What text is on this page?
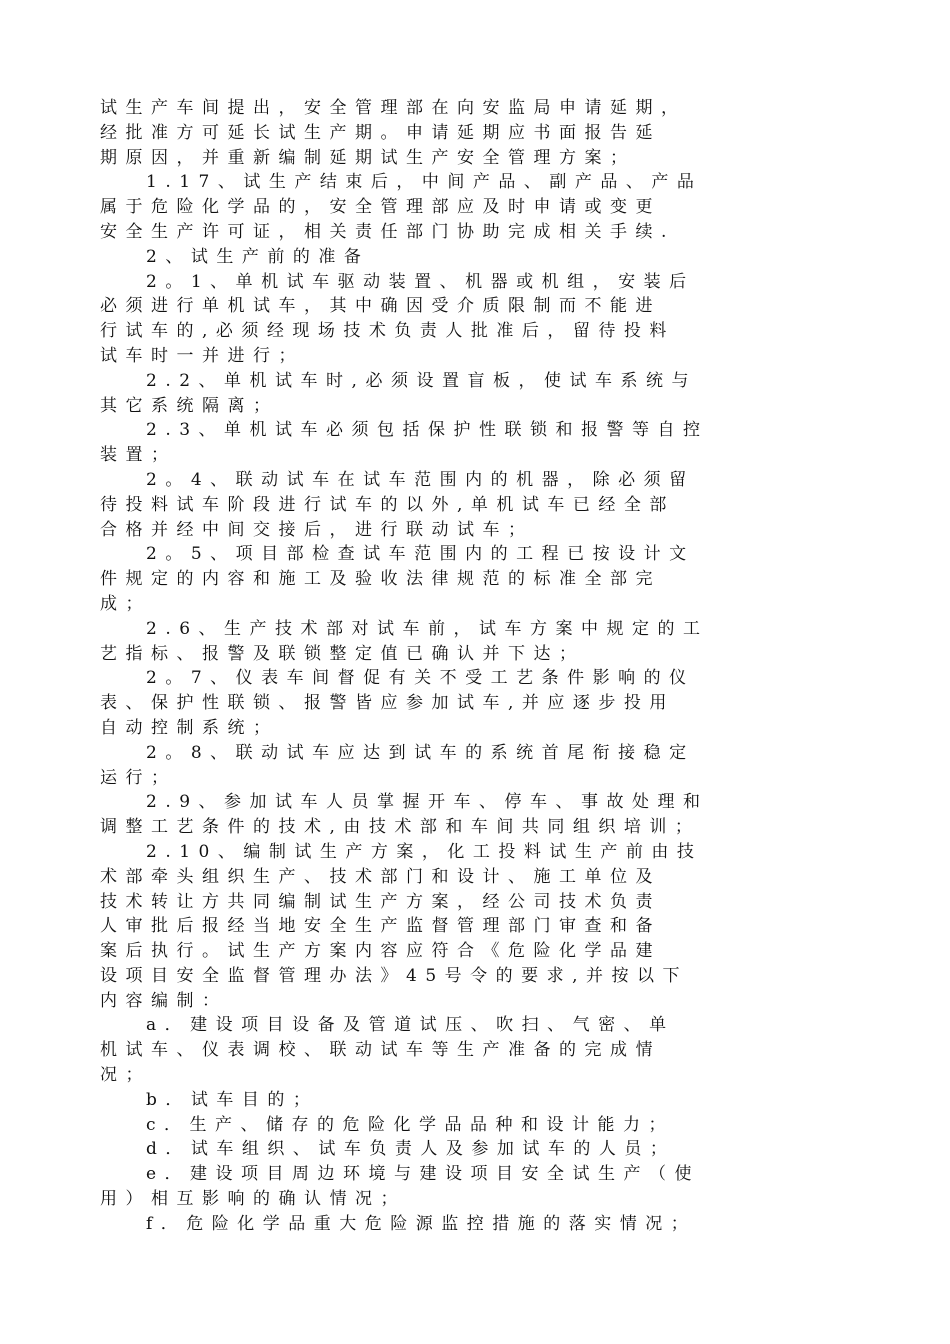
试生产车间提出，安全管理部在向安监局申请延期，
经批准方可延长试生产期。申请延期应书面报告延
期原因，并重新编制延期试生产安全管理方案；
1.17、试生产结束后，中间产品、副产品、产品
属于危险化学品的，安全管理部应及时申请或变更
安全生产许可证，相关责任部门协助完成相关手续.
2、试生产前的准备
2。1、单机试车驱动装置、机器或机组，安装后
必须进行单机试车，其中确因受介质限制而不能进
行试车的,必须经现场技术负责人批准后，留待投料
试车时一并进行；
2.2、单机试车时,必须设置盲板，使试车系统与
其它系统隔离；
2.3、单机试车必须包括保护性联锁和报警等自控
装置；
2。4、联动试车在试车范围内的机器，除必须留
待投料试车阶段进行试车的以外,单机试车已经全部
合格并经中间交接后，进行联动试车；
2。5、项目部检查试车范围内的工程已按设计文
件规定的内容和施工及验收法律规范的标准全部完
成；
2.6、生产技术部对试车前，试车方案中规定的工
艺指标、报警及联锁整定值已确认并下达；
2。7、仪表车间督促有关不受工艺条件影响的仪
表、保护性联锁、报警皆应参加试车,并应逐步投用
自动控制系统；
2。8、联动试车应达到试车的系统首尾衔接稳定
运行；
2.9、参加试车人员掌握开车、停车、事故处理和
调整工艺条件的技术,由技术部和车间共同组织培训；
2.10、编制试生产方案，化工投料试生产前由技
术部牵头组织生产、技术部门和设计、施工单位及
技术转让方共同编制试生产方案，经公司技术负责
人审批后报经当地安全生产监督管理部门审查和备
案后执行。试生产方案内容应符合《危险化学品建
设项目安全监督管理办法》45号令的要求,并按以下
内容编制：
a．建设项目设备及管道试压、吹扫、气密、单
机试车、仪表调校、联动试车等生产准备的完成情
况；
b．试车目的；
c．生产、储存的危险化学品品种和设计能力；
d．试车组织、试车负责人及参加试车的人员；
e．建设项目周边环境与建设项目安全试生产（使
用）相互影响的确认情况；
f．危险化学品重大危险源监控措施的落实情况；
